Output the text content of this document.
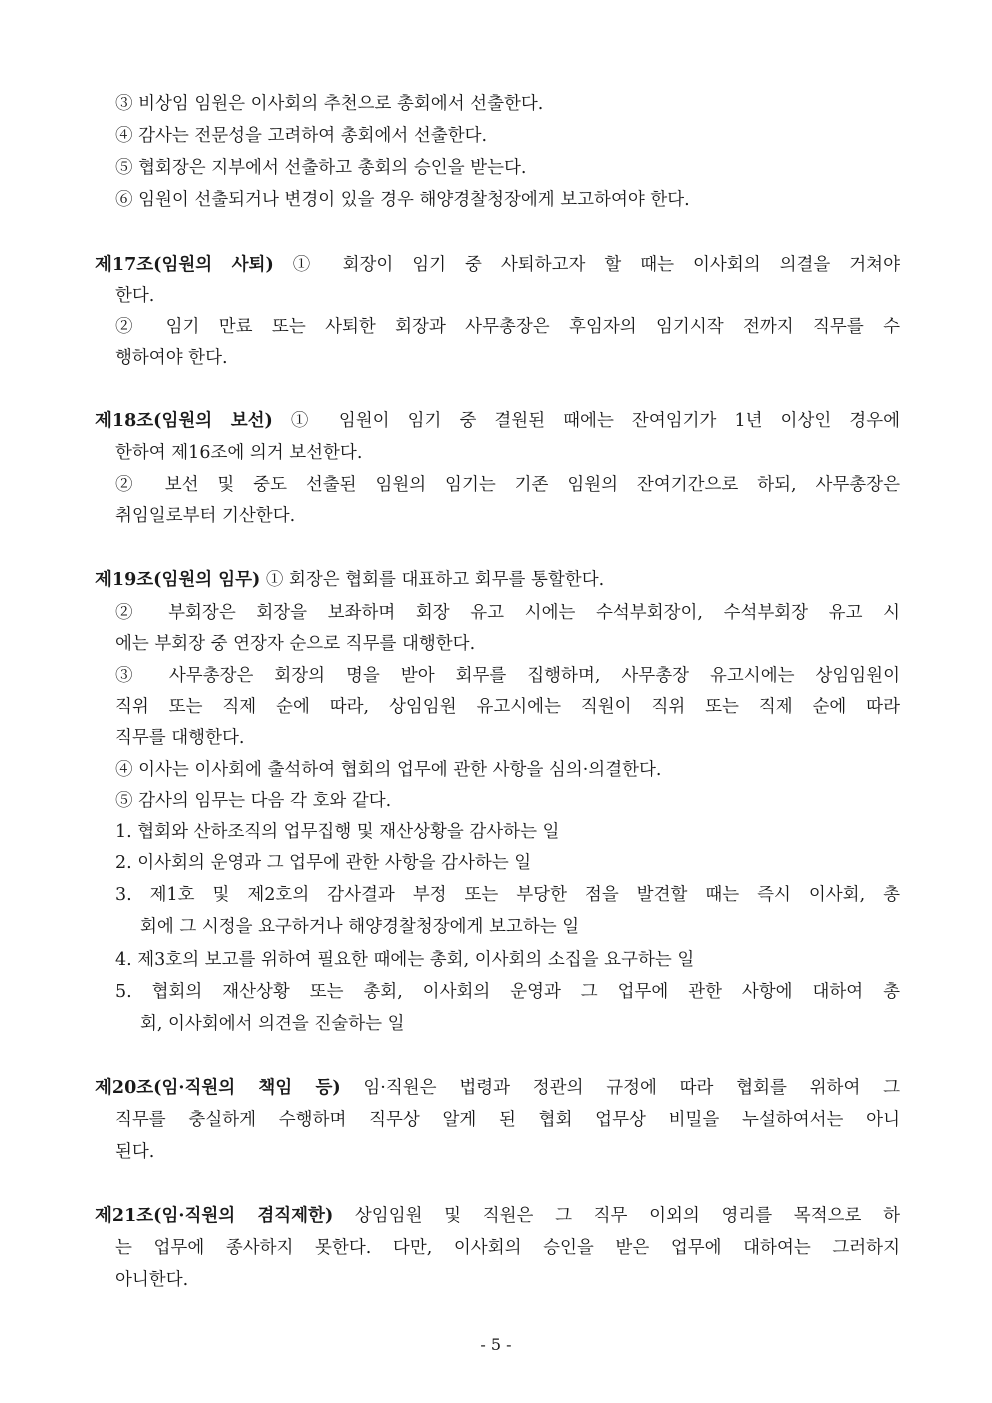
③ 비상임 임원은 이사회의 추천으로 총회에서 선출한다.
④ 감사는 전문성을 고려하여 총회에서 선출한다.
⑤ 협회장은 지부에서 선출하고 총회의 승인을 받는다.
⑥ 임원이 선출되거나 변경이 있을 경우 해양경찰청장에게 보고하여야 한다.
제17조(임원의 사퇴) ① 회장이 임기 중 사퇴하고자 할 때는 이사회의 의결을 거쳐야
한다.
② 임기 만료 또는 사퇴한 회장과 사무총장은 후임자의 임기시작 전까지 직무를 수
행하여야 한다.
제18조(임원의 보선) ① 임원이 임기 중 결원된 때에는 잔여임기가 1년 이상인 경우에
한하여 제16조에 의거 보선한다.
② 보선 및 중도 선출된 임원의 임기는 기존 임원의 잔여기간으로 하되, 사무총장은
취임일로부터 기산한다.
제19조(임원의 임무) ① 회장은 협회를 대표하고 회무를 통할한다.
② 부회장은 회장을 보좌하며 회장 유고 시에는 수석부회장이, 수석부회장 유고 시
에는 부회장 중 연장자 순으로 직무를 대행한다.
③ 사무총장은 회장의 명을 받아 회무를 집행하며, 사무총장 유고시에는 상임임원이
직위 또는 직제 순에 따라, 상임임원 유고시에는 직원이 직위 또는 직제 순에 따라
직무를 대행한다.
④ 이사는 이사회에 출석하여 협회의 업무에 관한 사항을 심의·의결한다.
⑤ 감사의 임무는 다음 각 호와 같다.
1. 협회와 산하조직의 업무집행 및 재산상황을 감사하는 일
2. 이사회의 운영과 그 업무에 관한 사항을 감사하는 일
3. 제1호 및 제2호의 감사결과 부정 또는 부당한 점을 발견할 때는 즉시 이사회, 총
회에 그 시정을 요구하거나 해양경찰청장에게 보고하는 일
4. 제3호의 보고를 위하여 필요한 때에는 총회, 이사회의 소집을 요구하는 일
5. 협회의 재산상황 또는 총회, 이사회의 운영과 그 업무에 관한 사항에 대하여 총
회, 이사회에서 의견을 진술하는 일
제20조(임·직원의 책임 등) 임·직원은 법령과 정관의 규정에 따라 협회를 위하여 그
직무를 충실하게 수행하며 직무상 알게 된 협회 업무상 비밀을 누설하여서는 아니
된다.
제21조(임·직원의 겸직제한) 상임임원 및 직원은 그 직무 이외의 영리를 목적으로 하
는 업무에 종사하지 못한다. 다만, 이사회의 승인을 받은 업무에 대하여는 그러하지
아니한다.
- 5 -
